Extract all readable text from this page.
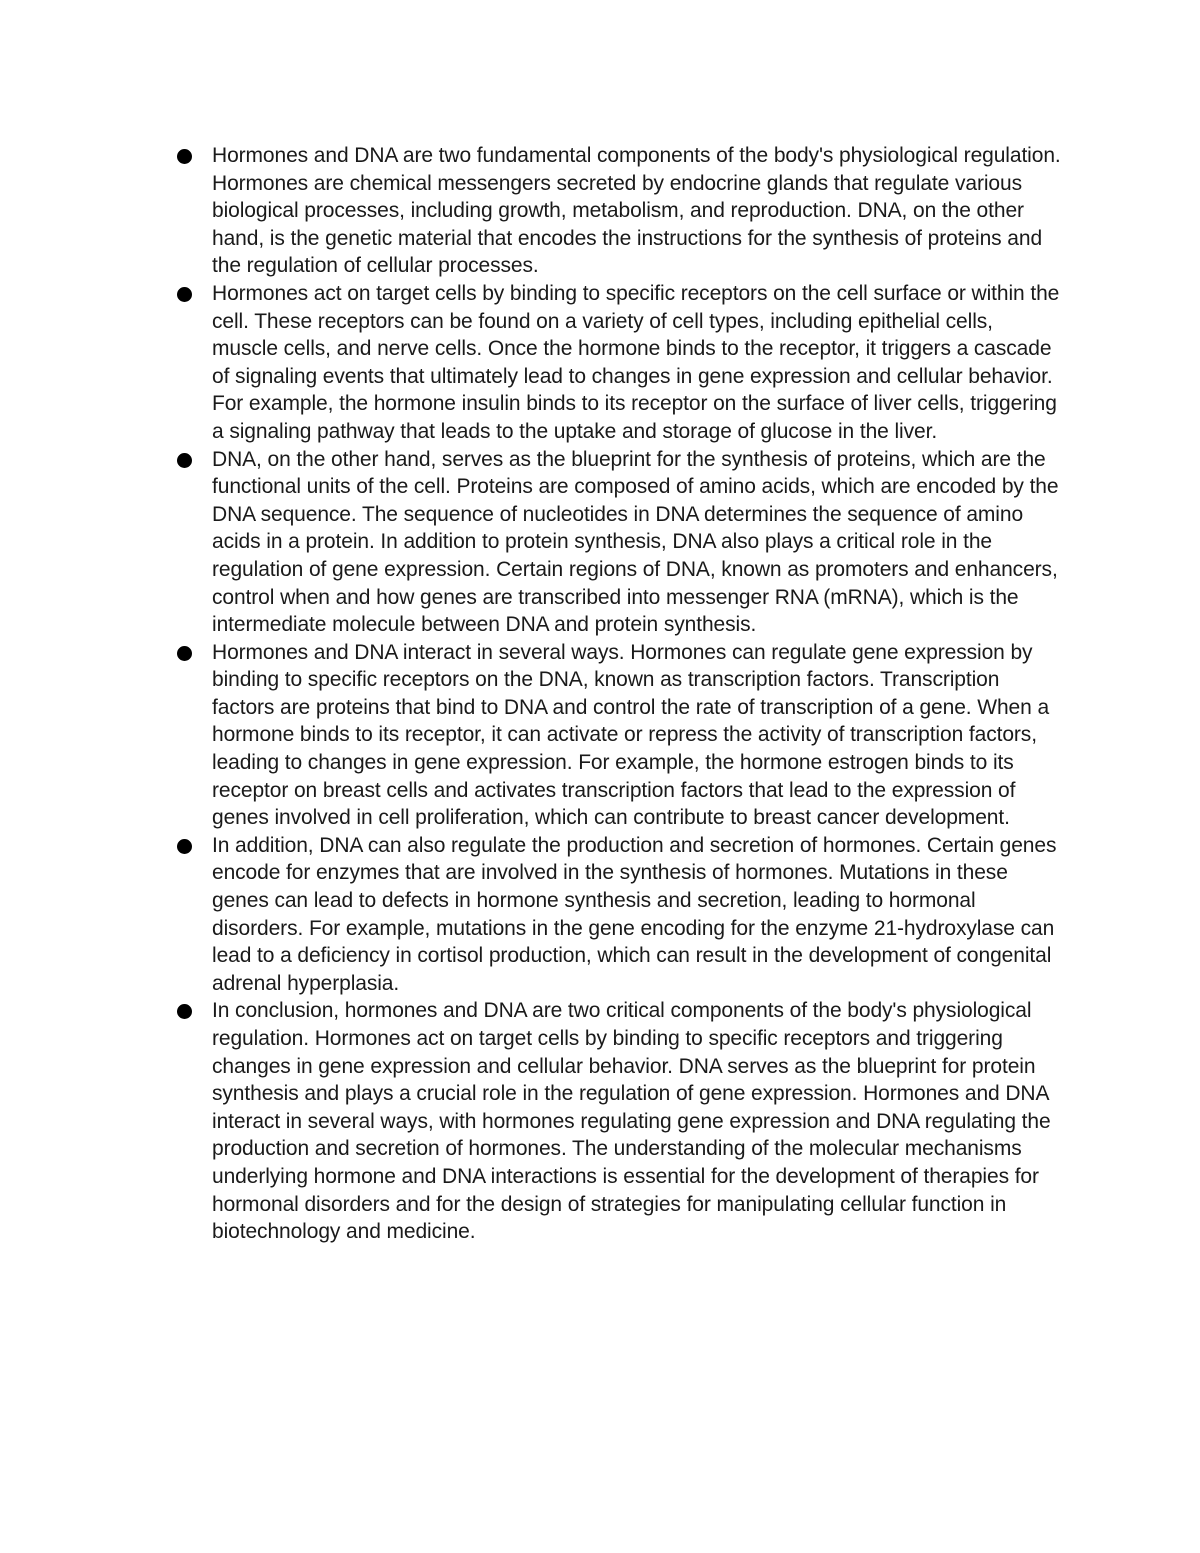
Hormones and DNA are two fundamental components of the body's physiological regulation. Hormones are chemical messengers secreted by endocrine glands that regulate various biological processes, including growth, metabolism, and reproduction. DNA, on the other hand, is the genetic material that encodes the instructions for the synthesis of proteins and the regulation of cellular processes.
Hormones act on target cells by binding to specific receptors on the cell surface or within the cell. These receptors can be found on a variety of cell types, including epithelial cells, muscle cells, and nerve cells. Once the hormone binds to the receptor, it triggers a cascade of signaling events that ultimately lead to changes in gene expression and cellular behavior. For example, the hormone insulin binds to its receptor on the surface of liver cells, triggering a signaling pathway that leads to the uptake and storage of glucose in the liver.
DNA, on the other hand, serves as the blueprint for the synthesis of proteins, which are the functional units of the cell. Proteins are composed of amino acids, which are encoded by the DNA sequence. The sequence of nucleotides in DNA determines the sequence of amino acids in a protein. In addition to protein synthesis, DNA also plays a critical role in the regulation of gene expression. Certain regions of DNA, known as promoters and enhancers, control when and how genes are transcribed into messenger RNA (mRNA), which is the intermediate molecule between DNA and protein synthesis.
Hormones and DNA interact in several ways. Hormones can regulate gene expression by binding to specific receptors on the DNA, known as transcription factors. Transcription factors are proteins that bind to DNA and control the rate of transcription of a gene. When a hormone binds to its receptor, it can activate or repress the activity of transcription factors, leading to changes in gene expression. For example, the hormone estrogen binds to its receptor on breast cells and activates transcription factors that lead to the expression of genes involved in cell proliferation, which can contribute to breast cancer development.
In addition, DNA can also regulate the production and secretion of hormones. Certain genes encode for enzymes that are involved in the synthesis of hormones. Mutations in these genes can lead to defects in hormone synthesis and secretion, leading to hormonal disorders. For example, mutations in the gene encoding for the enzyme 21-hydroxylase can lead to a deficiency in cortisol production, which can result in the development of congenital adrenal hyperplasia.
In conclusion, hormones and DNA are two critical components of the body's physiological regulation. Hormones act on target cells by binding to specific receptors and triggering changes in gene expression and cellular behavior. DNA serves as the blueprint for protein synthesis and plays a crucial role in the regulation of gene expression. Hormones and DNA interact in several ways, with hormones regulating gene expression and DNA regulating the production and secretion of hormones. The understanding of the molecular mechanisms underlying hormone and DNA interactions is essential for the development of therapies for hormonal disorders and for the design of strategies for manipulating cellular function in biotechnology and medicine.
